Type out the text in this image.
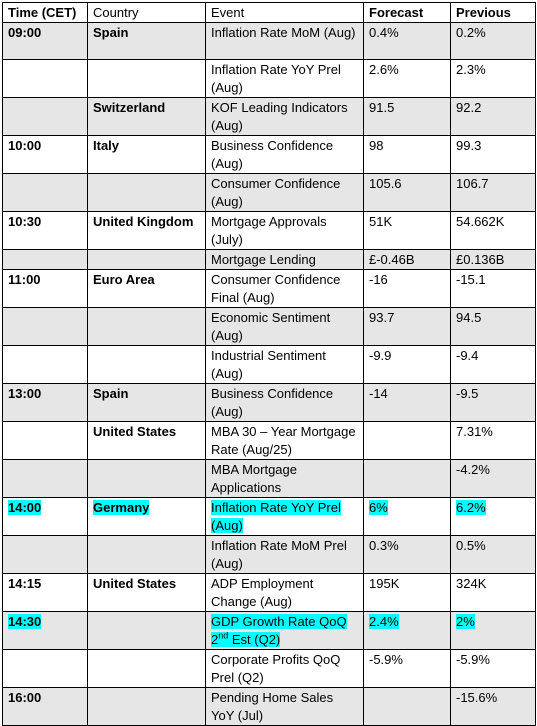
Time (CET)	Country	Event	Forecast	Previous
09:00	Spain	Inflation Rate MoM (Aug)	0.4%	0.2%
		Inflation Rate YoY Prel (Aug)	2.6%	2.3%
	Switzerland	KOF Leading Indicators (Aug)	91.5	92.2
10:00	Italy	Business Confidence (Aug)	98	99.3
		Consumer Confidence (Aug)	105.6	106.7
10:30	United Kingdom	Mortgage Approvals (July)	51K	54.662K
		Mortgage Lending	£-0.46B	£0.136B
11:00	Euro Area	Consumer Confidence Final (Aug)	-16	-15.1
		Economic Sentiment (Aug)	93.7	94.5
		Industrial Sentiment (Aug)	-9.9	-9.4
13:00	Spain	Business Confidence (Aug)	-14	-9.5
	United States	MBA 30 – Year Mortgage Rate (Aug/25)		7.31%
		MBA Mortgage Applications		-4.2%
14:00	Germany	Inflation Rate YoY Prel (Aug)	6%	6.2%
		Inflation Rate MoM Prel (Aug)	0.3%	0.5%
14:15	United States	ADP Employment Change (Aug)	195K	324K
14:30		GDP Growth Rate QoQ 2nd Est (Q2)	2.4%	2%
		Corporate Profits QoQ Prel (Q2)	-5.9%	-5.9%
16:00		Pending Home Sales YoY (Jul)		-15.6%
